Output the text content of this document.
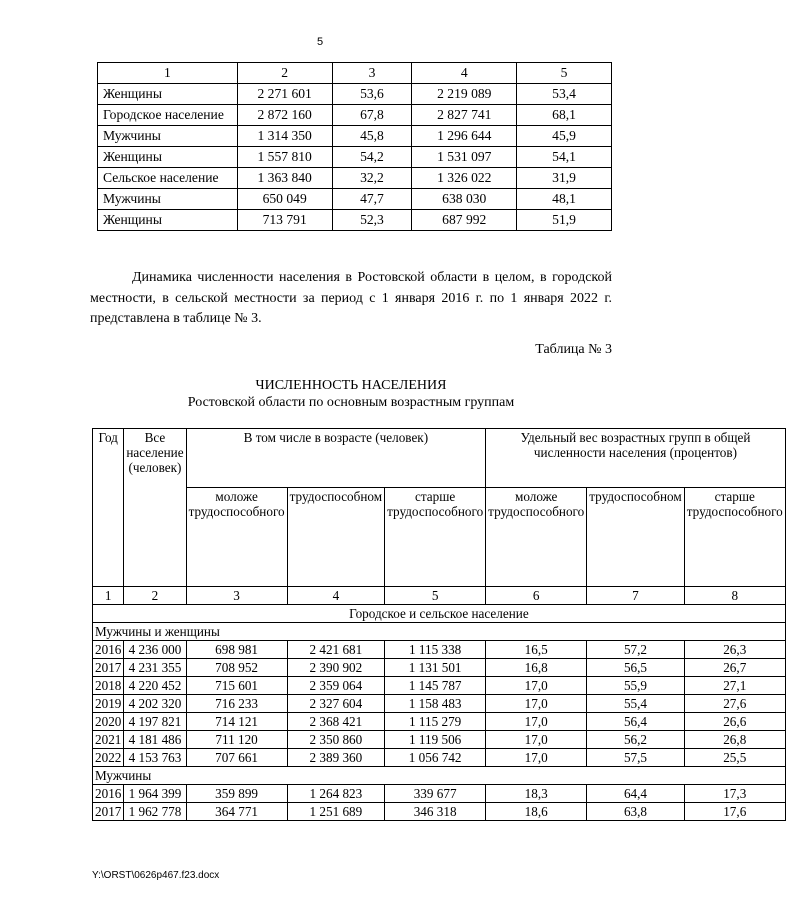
5
1	2	3	4	5
Женщины	2 271 601	53,6	2 219 089	53,4
Городское население	2 872 160	67,8	2 827 741	68,1
Мужчины	1 314 350	45,8	1 296 644	45,9
Женщины	1 557 810	54,2	1 531 097	54,1
Сельское население	1 363 840	32,2	1 326 022	31,9
Мужчины	650 049	47,7	638 030	48,1
Женщины	713 791	52,3	687 992	51,9

Динамика численности населения в Ростовской области в целом, в городской местности, в сельской местности за период с 1 января 2016 г. по 1 января 2022 г. представлена в таблице № 3.

Таблица № 3
ЧИСЛЕННОСТЬ НАСЕЛЕНИЯ
Ростовской области по основным возрастным группам
Год	Все население (человек)	В том числе в возрасте (человек)			Удельный вес возрастных групп в общей численности населения (процентов)		
		моложе трудоспособного	трудоспособном	старше трудоспособного	моложе трудоспособного	трудоспособном	старше трудоспособного
1	2	3	4	5	6	7	8
Городское и сельское население							
Мужчины и женщины							
2016	4 236 000	698 981	2 421 681	1 115 338	16,5	57,2	26,3
2017	4 231 355	708 952	2 390 902	1 131 501	16,8	56,5	26,7
2018	4 220 452	715 601	2 359 064	1 145 787	17,0	55,9	27,1
2019	4 202 320	716 233	2 327 604	1 158 483	17,0	55,4	27,6
2020	4 197 821	714 121	2 368 421	1 115 279	17,0	56,4	26,6
2021	4 181 486	711 120	2 350 860	1 119 506	17,0	56,2	26,8
2022	4 153 763	707 661	2 389 360	1 056 742	17,0	57,5	25,5
Мужчины							
2016	1 964 399	359 899	1 264 823	339 677	18,3	64,4	17,3
2017	1 962 778	364 771	1 251 689	346 318	18,6	63,8	17,6
Y:\ORST\0626p467.f23.docx
